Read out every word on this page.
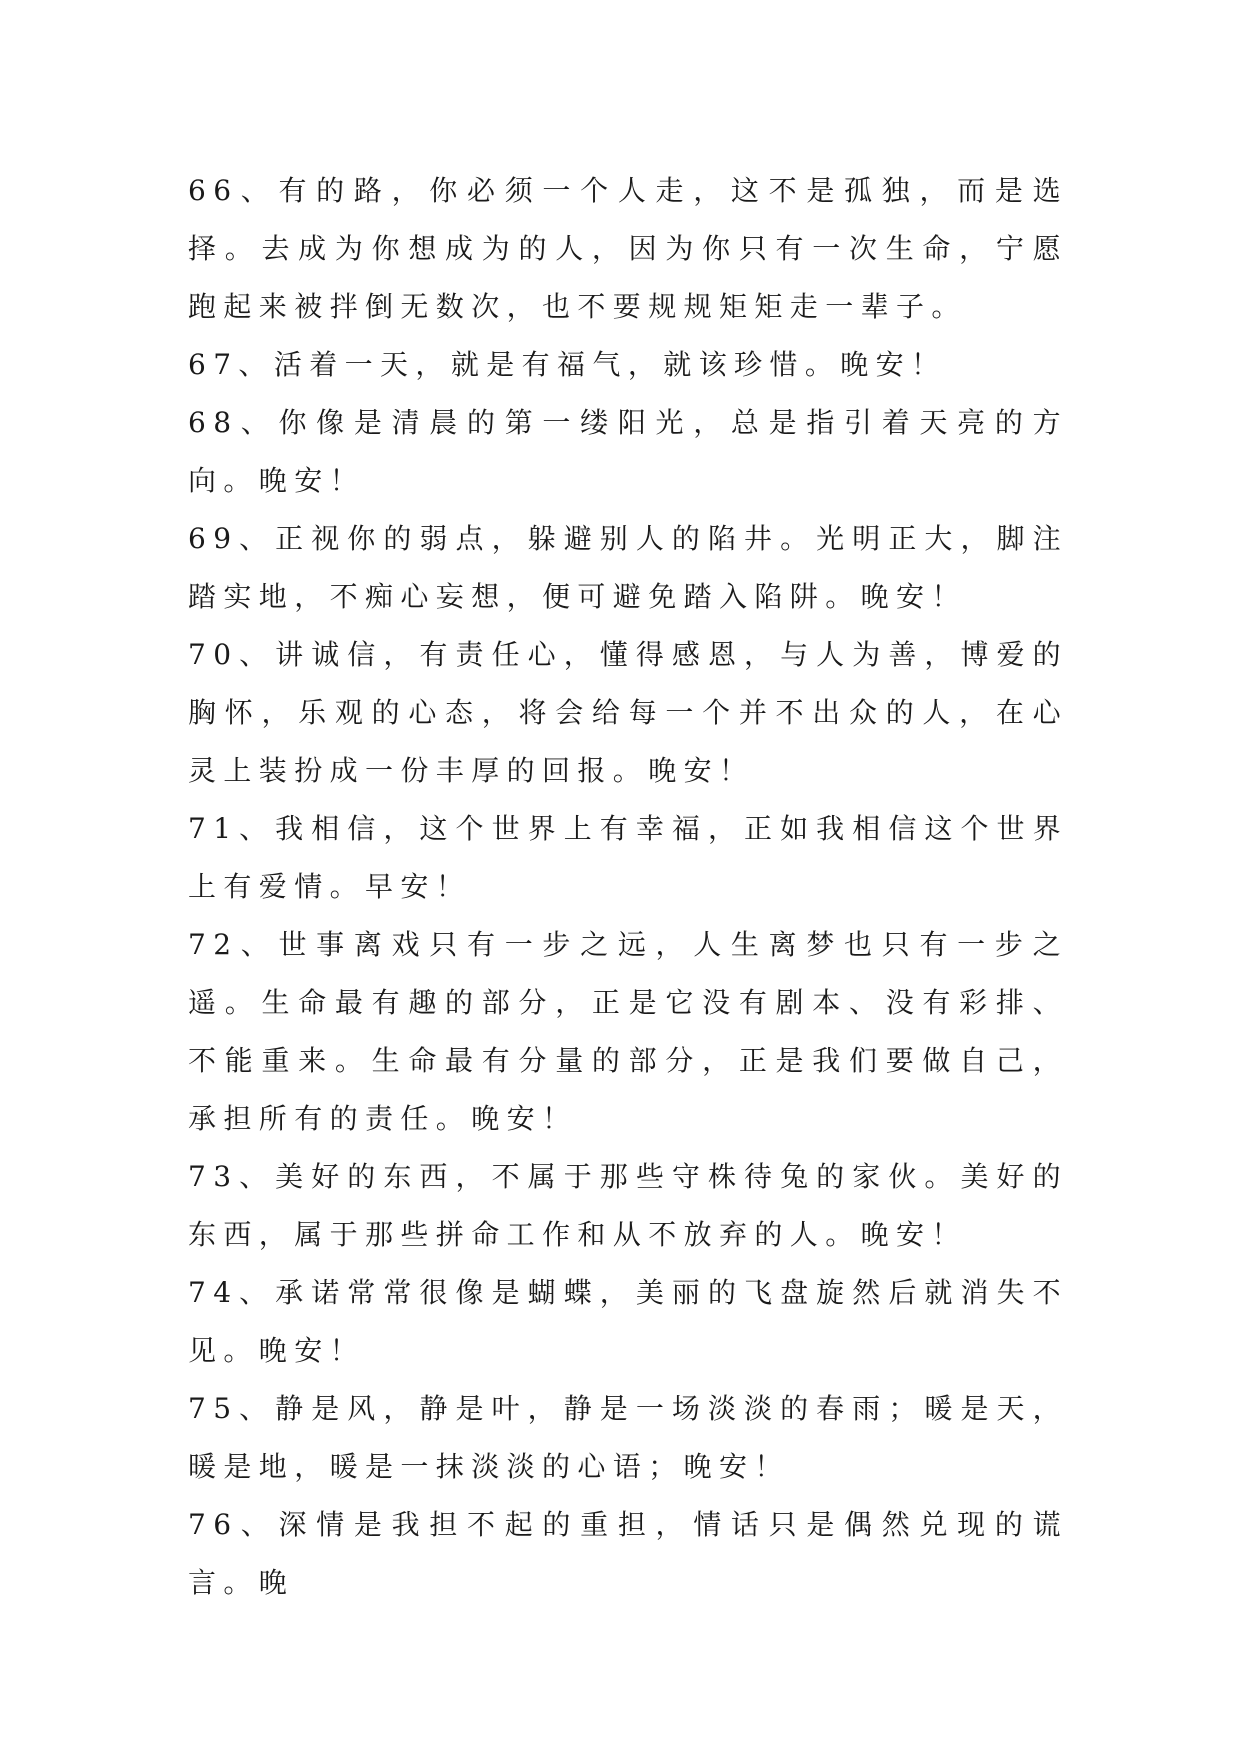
66、有的路，你必须一个人走，这不是孤独，而是选择。去成为你想成为的人，因为你只有一次生命，宁愿跑起来被拌倒无数次，也不要规规矩矩走一辈子。

67、活着一天，就是有福气，就该珍惜。晚安！

68、你像是清晨的第一缕阳光，总是指引着天亮的方向。晚安！

69、正视你的弱点，躲避别人的陷井。光明正大，脚注踏实地，不痴心妄想，便可避免踏入陷阱。晚安！

70、讲诚信，有责任心，懂得感恩，与人为善，博爱的胸怀，乐观的心态，将会给每一个并不出众的人，在心灵上装扮成一份丰厚的回报。晚安！

71、我相信，这个世界上有幸福，正如我相信这个世界上有爱情。早安！

72、世事离戏只有一步之远，人生离梦也只有一步之遥。生命最有趣的部分，正是它没有剧本、没有彩排、不能重来。生命最有分量的部分，正是我们要做自己，承担所有的责任。晚安！

73、美好的东西，不属于那些守株待兔的家伙。美好的东西，属于那些拼命工作和从不放弃的人。晚安！

74、承诺常常很像是蝴蝶，美丽的飞盘旋然后就消失不见。晚安！

75、静是风，静是叶，静是一场淡淡的春雨；暖是天，暖是地，暖是一抹淡淡的心语；晚安！

76、深情是我担不起的重担，情话只是偶然兑现的谎言。晚
